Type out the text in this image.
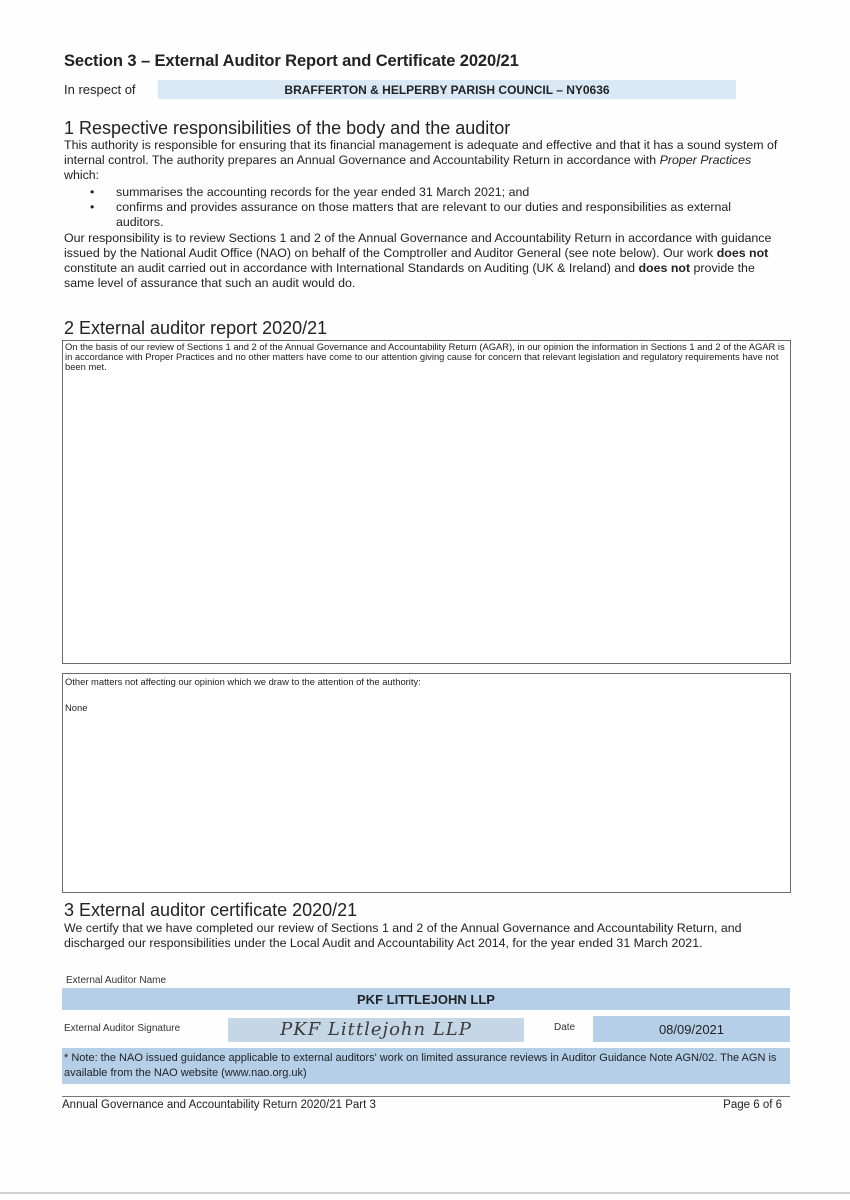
Section 3 – External Auditor Report and Certificate 2020/21
In respect of	BRAFFERTON & HELPERBY PARISH COUNCIL – NY0636
1 Respective responsibilities of the body and the auditor
This authority is responsible for ensuring that its financial management is adequate and effective and that it has a sound system of internal control. The authority prepares an Annual Governance and Accountability Return in accordance with Proper Practices which:
• summarises the accounting records for the year ended 31 March 2021; and
• confirms and provides assurance on those matters that are relevant to our duties and responsibilities as external auditors.
Our responsibility is to review Sections 1 and 2 of the Annual Governance and Accountability Return in accordance with guidance issued by the National Audit Office (NAO) on behalf of the Comptroller and Auditor General (see note below). Our work does not constitute an audit carried out in accordance with International Standards on Auditing (UK & Ireland) and does not provide the same level of assurance that such an audit would do.
2 External auditor report 2020/21
On the basis of our review of Sections 1 and 2 of the Annual Governance and Accountability Return (AGAR), in our opinion the information in Sections 1 and 2 of the AGAR is in accordance with Proper Practices and no other matters have come to our attention giving cause for concern that relevant legislation and regulatory requirements have not been met.
Other matters not affecting our opinion which we draw to the attention of the authority:
None
3 External auditor certificate 2020/21
We certify that we have completed our review of Sections 1 and 2 of the Annual Governance and Accountability Return, and discharged our responsibilities under the Local Audit and Accountability Act 2014, for the year ended 31 March 2021.
External Auditor Name
PKF LITTLEJOHN LLP
External Auditor Signature	PKF Littlejohn LLP	Date	08/09/2021
* Note: the NAO issued guidance applicable to external auditors' work on limited assurance reviews in Auditor Guidance Note AGN/02. The AGN is available from the NAO website (www.nao.org.uk)
Annual Governance and Accountability Return 2020/21 Part 3	Page 6 of 6
